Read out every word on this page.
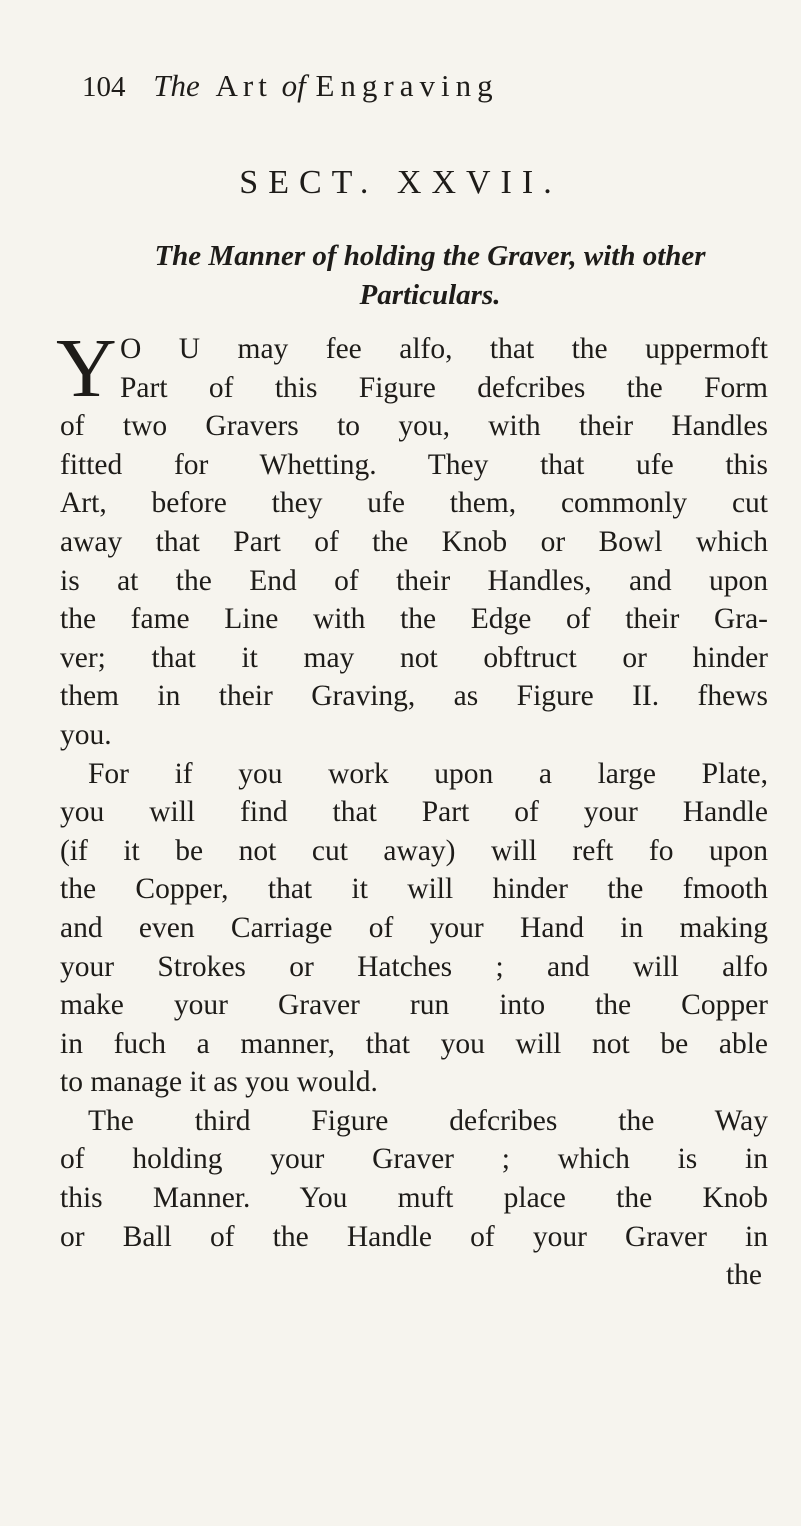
104 The Art of Engraving
SECT. XXVII.
The Manner of holding the Graver, with other
Particulars.
Y O U may fee alfo, that the uppermoft
Part of this Figure defcribes the Form
of two Gravers to you, with their Handles
fitted for Whetting. They that ufe this
Art, before they ufe them, commonly cut
away that Part of the Knob or Bowl which
is at the End of their Handles, and upon
the fame Line with the Edge of their Gra-
ver; that it may not obftruct or hinder
them in their Graving, as Figure II. fhews
you.
For if you work upon a large Plate,
you will find that Part of your Handle
(if it be not cut away) will reft fo upon
the Copper, that it will hinder the fmooth
and even Carriage of your Hand in making
your Strokes or Hatches ; and will alfo
make your Graver run into the Copper
in fuch a manner, that you will not be able
to manage it as you would.
The third Figure defcribes the Way
of holding your Graver ; which is in
this Manner. You muft place the Knob
or Ball of the Handle of your Graver in
the
